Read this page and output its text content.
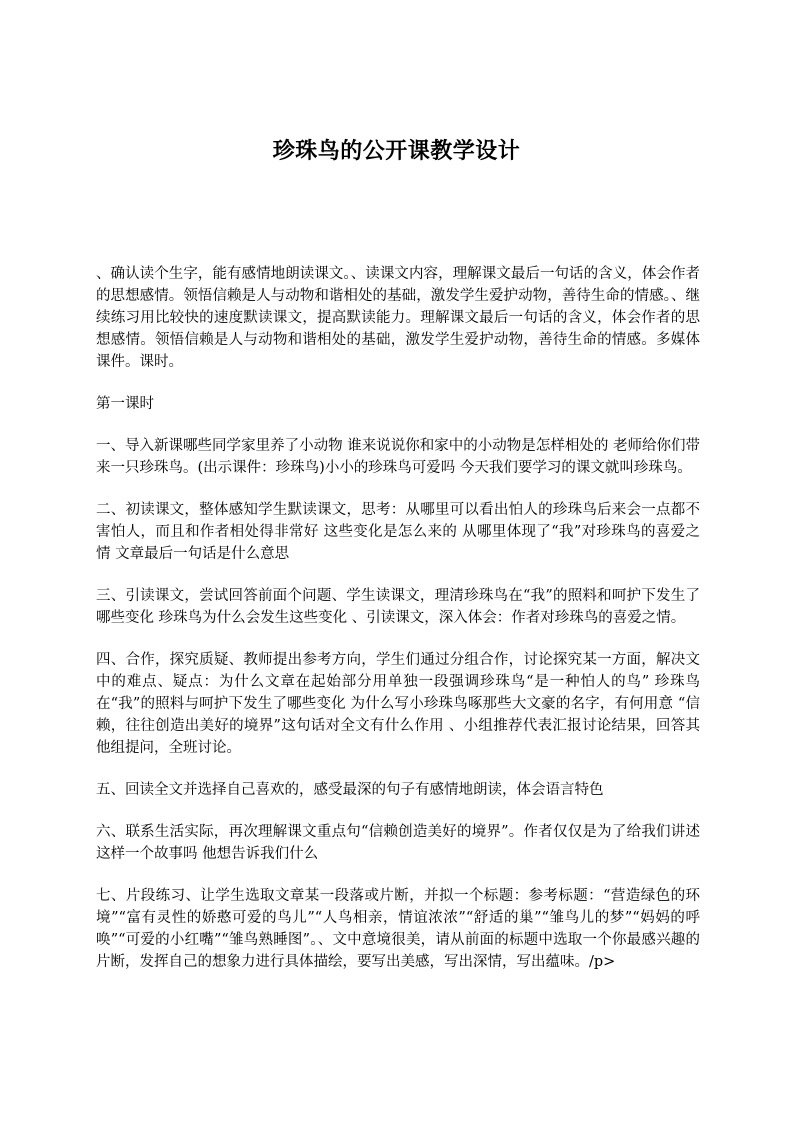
珍珠鸟的公开课教学设计

、确认读个生字，能有感情地朗读课文。、读课文内容，理解课文最后一句话的含义，体会作者的思想感情。领悟信赖是人与动物和谐相处的基础，激发学生爱护动物，善待生命的情感。、继续练习用比较快的速度默读课文，提高默读能力。理解课文最后一句话的含义，体会作者的思想感情。领悟信赖是人与动物和谐相处的基础，激发学生爱护动物，善待生命的情感。多媒体课件。课时。

第一课时

一、导入新课哪些同学家里养了小动物 谁来说说你和家中的小动物是怎样相处的 老师给你们带来一只珍珠鸟。(出示课件：珍珠鸟)小小的珍珠鸟可爱吗 今天我们要学习的课文就叫珍珠鸟。

二、初读课文，整体感知学生默读课文，思考：从哪里可以看出怕人的珍珠鸟后来会一点都不害怕人，而且和作者相处得非常好 这些变化是怎么来的 从哪里体现了“我”对珍珠鸟的喜爱之情 文章最后一句话是什么意思

三、引读课文，尝试回答前面个问题、学生读课文，理清珍珠鸟在“我”的照料和呵护下发生了哪些变化 珍珠鸟为什么会发生这些变化 、引读课文，深入体会：作者对珍珠鸟的喜爱之情。

四、合作，探究质疑、教师提出参考方向，学生们通过分组合作，讨论探究某一方面，解决文中的难点、疑点：为什么文章在起始部分用单独一段强调珍珠鸟“是一种怕人的鸟” 珍珠鸟在“我”的照料与呵护下发生了哪些变化 为什么写小珍珠鸟啄那些大文豪的名字，有何用意 “信赖，往往创造出美好的境界”这句话对全文有什么作用 、小组推荐代表汇报讨论结果，回答其他组提问，全班讨论。

五、回读全文并选择自己喜欢的，感受最深的句子有感情地朗读，体会语言特色

六、联系生活实际，再次理解课文重点句“信赖创造美好的境界”。作者仅仅是为了给我们讲述这样一个故事吗 他想告诉我们什么

七、片段练习、让学生选取文章某一段落或片断，并拟一个标题：参考标题：“营造绿色的环境”“富有灵性的娇憨可爱的鸟儿”“人鸟相亲，情谊浓浓”“舒适的巢”“雏鸟儿的梦”“妈妈的呼唤”“可爱的小红嘴”“雏鸟熟睡图”。、文中意境很美，请从前面的标题中选取一个你最感兴趣的片断，发挥自己的想象力进行具体描绘，要写出美感，写出深情，写出蕴味。/p>
